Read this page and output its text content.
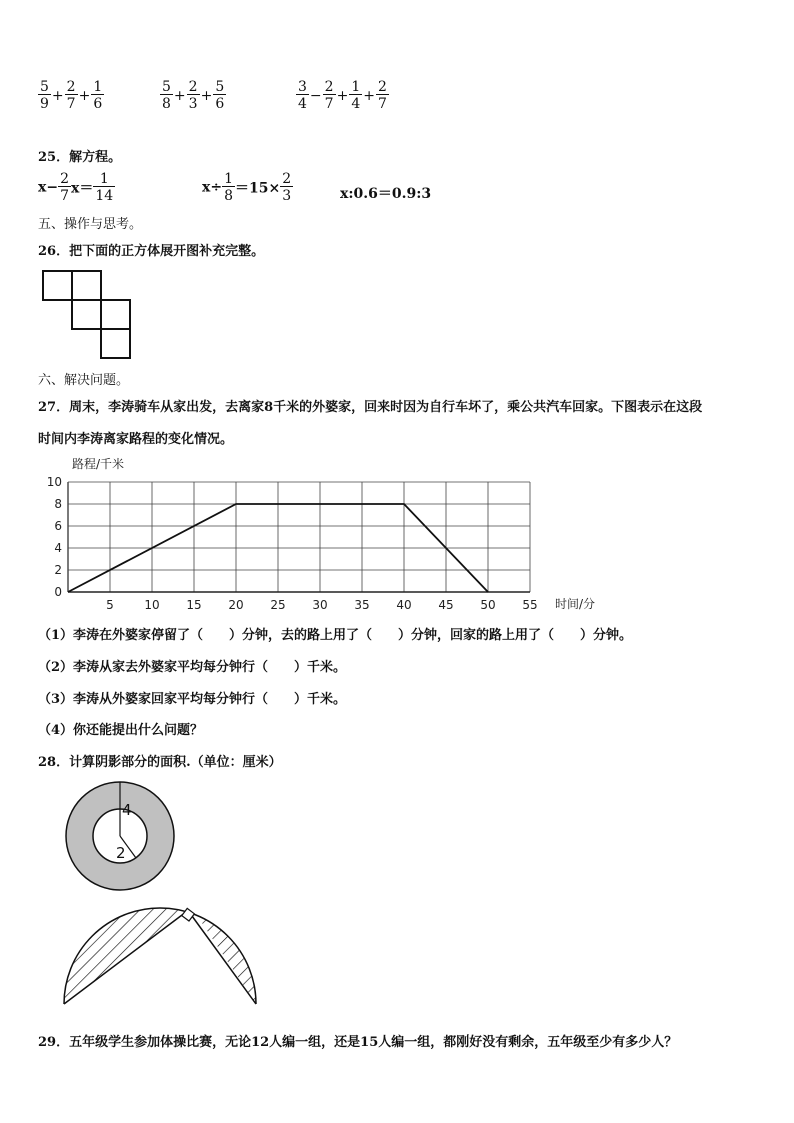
$\frac{5}{9} + \frac{2}{7} + \frac{1}{6}$	$\frac{5}{8} + \frac{2}{3} + \frac{5}{6}$	$\frac{3}{4} - \frac{2}{7} + \frac{1}{4} + \frac{2}{7}$
25．解方程。
$x- \frac{2}{7} x= \frac{1}{14}$	$x\div \frac{1}{8} =15\times \frac{2}{3}$	x:0.6＝0.9:3
五、操作与思考。
26．把下面的正方体展开图补充完整。
六、解决问题。
27．周末，李涛骑车从家出发，去离家8千米的外婆家，回来时因为自行车坏了，乘公共汽车回家。下图表示在这段
时间内李涛离家路程的变化情况。
路程/千米
时间/分
0
2
4
6
8
10
5	10 15 20 25 30 35 40 45 50 55
（1）李涛在外婆家停留了（　　）分钟，去的路上用了（　　）分钟，回家的路上用了（　　）分钟。
（2）李涛从家去外婆家平均每分钟行（　　）千米。
（3）李涛从外婆家回家平均每分钟行（　　）千米。
（4）你还能提出什么问题？
28．计算阴影部分的面积.（单位：厘米）
4
2
29．五年级学生参加体操比赛，无论12人编一组，还是15人编一组，都刚好没有剩余，五年级至少有多少人？
